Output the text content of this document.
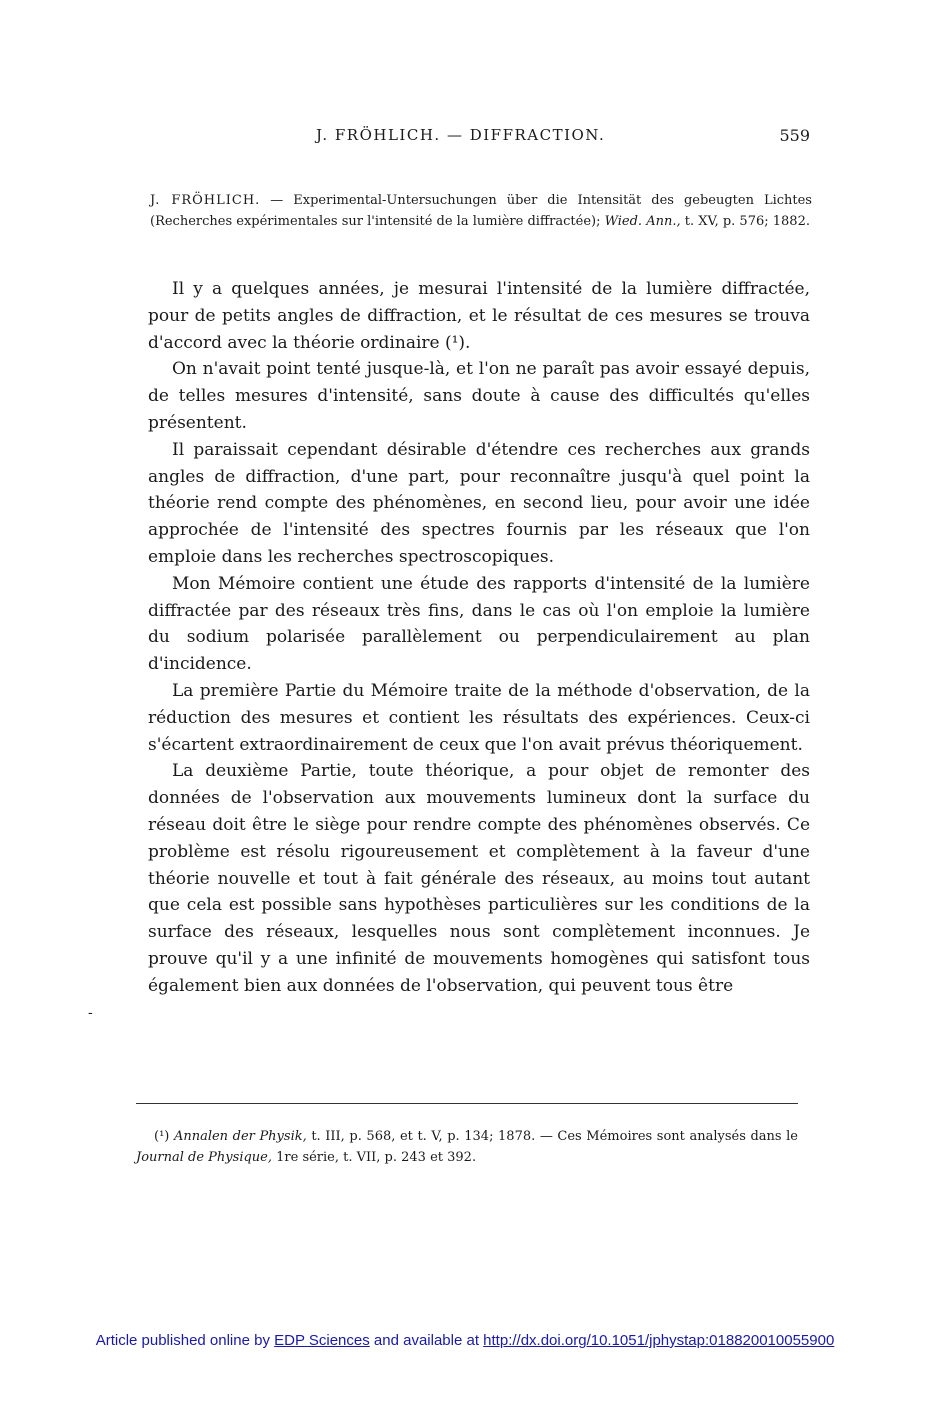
J. FRÖHLICH. — DIFFRACTION.	559
J. FRÖHLICH. — Experimental-Untersuchungen über die Intensität des gebeugten Lichtes (Recherches expérimentales sur l'intensité de la lumière diffractée); Wied. Ann., t. XV, p. 576; 1882.

Il y a quelques années, je mesurai l'intensité de la lumière diffractée, pour de petits angles de diffraction, et le résultat de ces mesures se trouva d'accord avec la théorie ordinaire (¹).

On n'avait point tenté jusque-là, et l'on ne paraît pas avoir essayé depuis, de telles mesures d'intensité, sans doute à cause des difficultés qu'elles présentent.

Il paraissait cependant désirable d'étendre ces recherches aux grands angles de diffraction, d'une part, pour reconnaître jusqu'à quel point la théorie rend compte des phénomènes, en second lieu, pour avoir une idée approchée de l'intensité des spectres fournis par les réseaux que l'on emploie dans les recherches spectroscopiques.

Mon Mémoire contient une étude des rapports d'intensité de la lumière diffractée par des réseaux très fins, dans le cas où l'on emploie la lumière du sodium polarisée parallèlement ou perpendiculairement au plan d'incidence.

La première Partie du Mémoire traite de la méthode d'observation, de la réduction des mesures et contient les résultats des expériences. Ceux-ci s'écartent extraordinairement de ceux que l'on avait prévus théoriquement.

La deuxième Partie, toute théorique, a pour objet de remonter des données de l'observation aux mouvements lumineux dont la surface du réseau doit être le siège pour rendre compte des phénomènes observés. Ce problème est résolu rigoureusement et complètement à la faveur d'une théorie nouvelle et tout à fait générale des réseaux, au moins tout autant que cela est possible sans hypothèses particulières sur les conditions de la surface des réseaux, lesquelles nous sont complètement inconnues. Je prouve qu'il y a une infinité de mouvements homogènes qui satisfont tous également bien aux données de l'observation, qui peuvent tous être

-
(¹) Annalen der Physik, t. III, p. 568, et t. V, p. 134; 1878. — Ces Mémoires sont analysés dans le Journal de Physique, 1re série, t. VII, p. 243 et 392.
Article published online by EDP Sciences and available at http://dx.doi.org/10.1051/jphystap:018820010055900
